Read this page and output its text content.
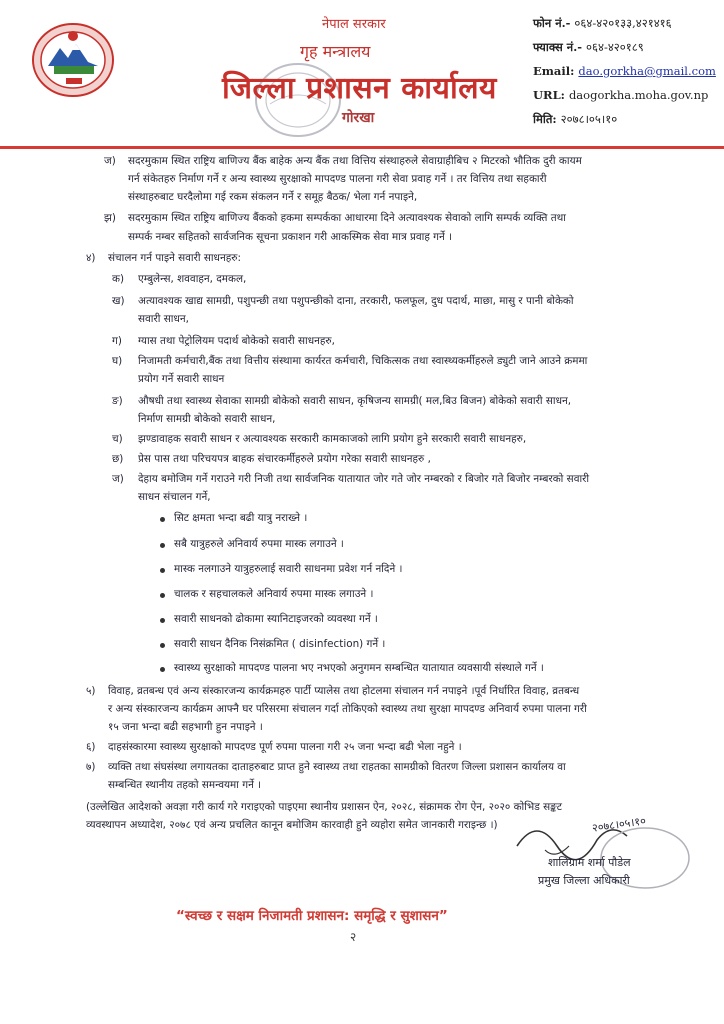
नेपाल सरकार
गृह मन्त्रालय
जिल्ला प्रशासन कार्यालय
गोरखा
फोन नं.- ०६४-४२०१३३,४२१४१६
फ्याक्स नं.- ०६४-४२०१८९
Email: dao.gorkha@gmail.com
URL: daogorkha.moha.gov.np
मिति: २०७८।०५।१०
ज) सदरमुकाम स्थित राष्ट्रिय बाणिज्य बैंक बाहेक अन्य बैंक तथा वित्तिय संस्थाहरुले सेवाग्राहीबिच २ मिटरको भौतिक दुरी कायम
गर्न संकेतहरु निर्माण गर्ने र अन्य स्वास्थ्य सुरक्षाको मापदण्ड पालना गरी सेवा प्रवाह गर्ने । तर वित्तिय तथा सहकारी
संस्थाहरुबाट घरदैलोमा गई रकम संकलन गर्ने र समूह बैठक/ भेला गर्न नपाइने,
झ) सदरमुकाम स्थित राष्ट्रिय बाणिज्य बैंकको हकमा सम्पर्कका आधारमा दिने अत्यावश्यक सेवाको लागि सम्पर्क व्यक्ति तथा
सम्पर्क नम्बर सहितको सार्वजनिक सूचना प्रकाशन गरी आकस्मिक सेवा मात्र प्रवाह गर्ने ।
४) संचालन गर्न पाइने सवारी साधनहरु:
क) एम्बुलेन्स, शववाहन, दमकल,
ख) अत्यावश्यक खाद्य सामग्री, पशुपन्छी तथा पशुपन्छीको दाना, तरकारी, फलफूल, दुध पदार्थ, माछा, मासु र पानी बोकेको
सवारी साधन,
ग) ग्यास तथा पेट्रोलियम पदार्थ बोकेको सवारी साधनहरु,
घ) निजामती कर्मचारी,बैंक तथा वित्तीय संस्थामा कार्यरत कर्मचारी, चिकित्सक तथा स्वास्थ्यकर्मीहरुले ड्युटी जाने आउने क्रममा
प्रयोग गर्ने सवारी साधन
ङ) औषधी तथा स्वास्थ्य सेवाका सामग्री बोकेको सवारी साधन, कृषिजन्य सामग्री( मल,बिउ बिजन) बोकेको सवारी साधन,
निर्माण सामग्री बोकेको सवारी साधन,
च) झण्डावाहक सवारी साधन र अत्यावश्यक सरकारी कामकाजको लागि प्रयोग हुने सरकारी सवारी साधनहरु,
छ) प्रेस पास तथा परिचयपत्र बाहक संचारकर्मीहरुले प्रयोग गरेका सवारी साधनहरु ,
ज) देहाय बमोजिम गर्ने गराउने गरी निजी तथा सार्वजनिक यातायात जोर गते जोर नम्बरको र बिजोर गते बिजोर नम्बरको सवारी
साधन संचालन गर्ने,
सिट क्षमता भन्दा बढी यात्रु नराख्ने ।
सबै यात्रुहरुले अनिवार्य रुपमा मास्क लगाउने ।
मास्क नलगाउने यात्रुहरुलाई सवारी साधनमा प्रवेश गर्न नदिने ।
चालक र सहचालकले अनिवार्य रुपमा मास्क लगाउने ।
सवारी साधनको ढोकामा स्यानिटाइजरको व्यवस्था गर्ने ।
सवारी साधन दैनिक निसंक्रमित ( disinfection) गर्ने ।
स्वास्थ्य सुरक्षाको मापदण्ड पालना भए नभएको अनुगमन सम्बन्धित यातायात व्यवसायी संस्थाले गर्ने ।
५) विवाह, व्रतबन्ध एवं अन्य संस्कारजन्य कार्यक्रमहरु पार्टी प्यालेस तथा होटलमा संचालन गर्न नपाइने ।पूर्व निर्धारित विवाह, व्रतबन्ध
र अन्य संस्कारजन्य कार्यक्रम आफ्नै घर परिसरमा संचालन गर्दा तोकिएको स्वास्थ्य तथा सुरक्षा मापदण्ड अनिवार्य रुपमा पालना गरी
१५ जना भन्दा बढी सहभागी हुन नपाइने ।
६) दाहसंस्कारमा स्वास्थ्य सुरक्षाको मापदण्ड पूर्ण रुपमा पालना गरी २५ जना भन्दा बढी भेला नहुने ।
७) व्यक्ति तथा संघसंस्था लगायतका दाताहरुबाट प्राप्त हुने स्वास्थ्य तथा राहतका सामग्रीको वितरण जिल्ला प्रशासन कार्यालय वा
सम्बन्धित स्थानीय तहको समन्वयमा गर्ने ।
(उल्लेखित आदेशको अवज्ञा गरी कार्य गरे गराइएको पाइएमा स्थानीय प्रशासन ऐन, २०२८, संक्रामक रोग ऐन, २०२० कोभिड सङ्कट
व्यवस्थापन अध्यादेश, २०७८ एवं अन्य प्रचलित कानून बमोजिम कारवाही हुने व्यहोरा समेत जानकारी गराइन्छ ।)	२०७८।०५।१०
शालिग्राम शर्मा पौडेल
प्रमुख जिल्ला अधिकारी
“स्वच्छ र सक्षम निजामती प्रशासन: समृद्धि र सुशासन”
२
